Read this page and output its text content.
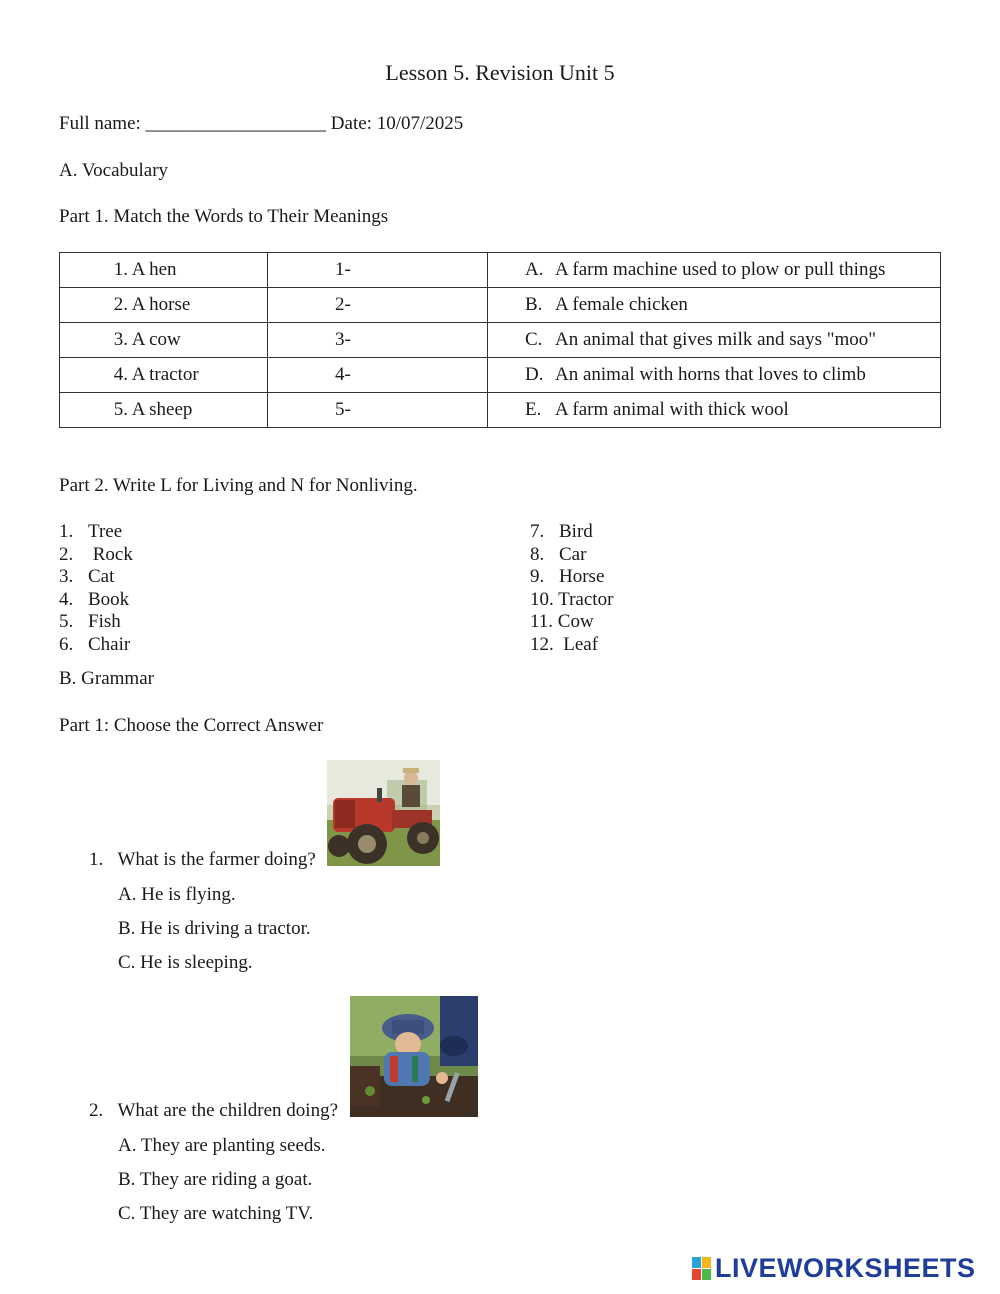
Lesson 5. Revision Unit 5
Full name: ___________________ Date: 10/07/2025
A. Vocabulary
Part 1. Match the Words to Their Meanings
1. A hen	1-	A. A farm machine used to plow or pull things
2. A horse	2-	B. A female chicken
3. A cow	3-	C. An animal that gives milk and says "moo"
4. A tractor	4-	D. An animal with horns that loves to climb
5. A sheep	5-	E. A farm animal with thick wool
Part 2. Write L for Living and N for Nonliving.
1. Tree
2. Rock
3. Cat
4. Book
5. Fish
6. Chair
7. Bird
8. Car
9. Horse
10. Tractor
11. Cow
12.  Leaf
B. Grammar
Part 1: Choose the Correct Answer
1. What is the farmer doing?
A. He is flying.
B. He is driving a tractor.
C. He is sleeping.
2. What are the children doing?
A. They are planting seeds.
B. They are riding a goat.
C. They are watching TV.
LIVEWORKSHEETS
